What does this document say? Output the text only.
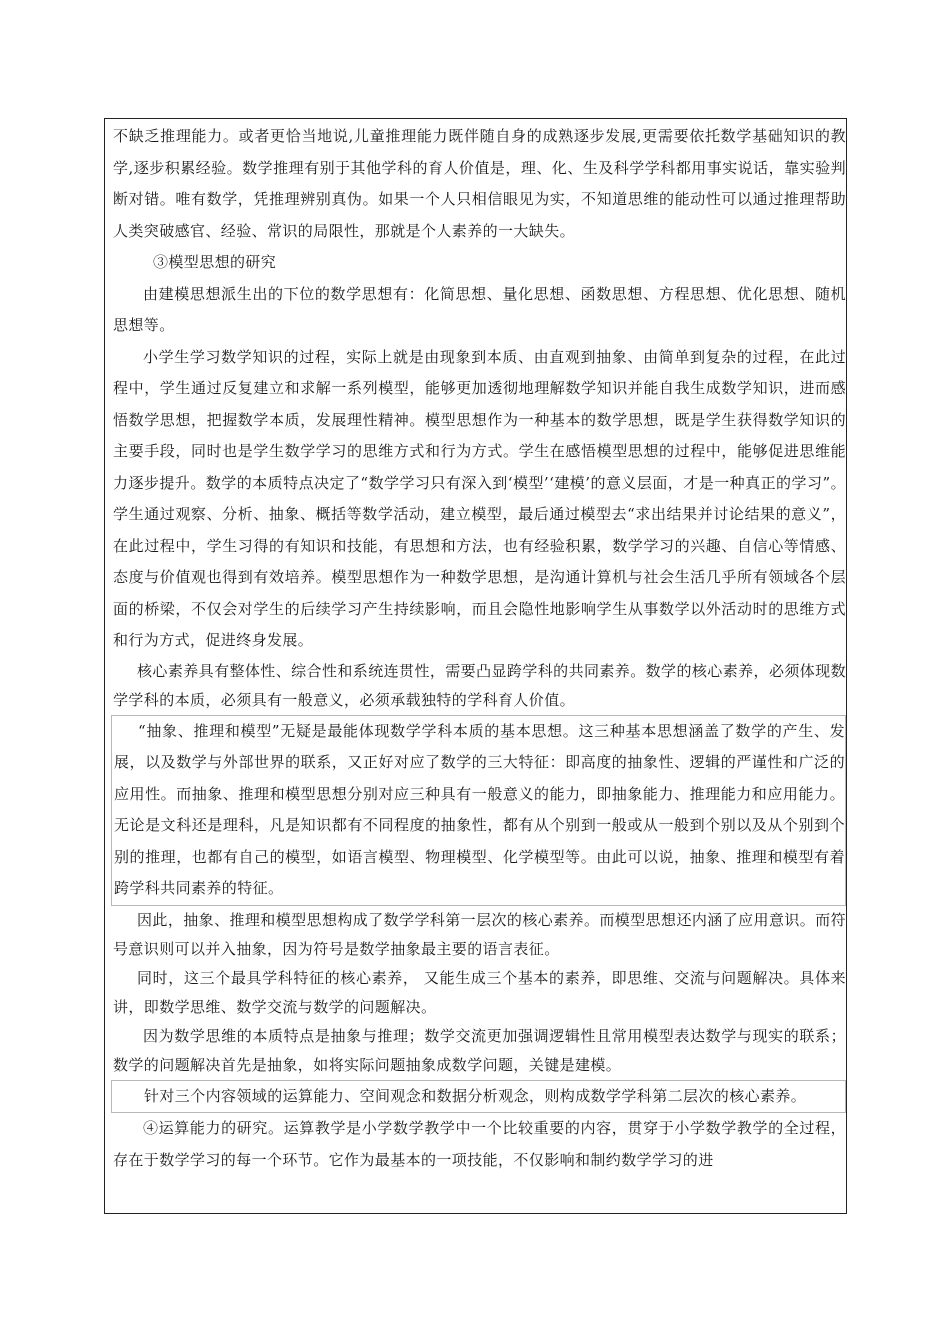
不缺乏推理能力。或者更恰当地说,儿童推理能力既伴随自身的成熟逐步发展,更需要依托数学基础知识的教学,逐步积累经验。数学推理有别于其他学科的育人价值是，理、化、生及科学学科都用事实说话，靠实验判断对错。唯有数学，凭推理辨别真伪。如果一个人只相信眼见为实，不知道思维的能动性可以通过推理帮助人类突破感官、经验、常识的局限性，那就是个人素养的一大缺失。

③模型思想的研究

由建模思想派生出的下位的数学思想有：化简思想、量化思想、函数思想、方程思想、优化思想、随机思想等。

小学生学习数学知识的过程，实际上就是由现象到本质、由直观到抽象、由简单到复杂的过程，在此过程中，学生通过反复建立和求解一系列模型，能够更加透彻地理解数学知识并能自我生成数学知识，进而感悟数学思想，把握数学本质，发展理性精神。模型思想作为一种基本的数学思想，既是学生获得数学知识的主要手段，同时也是学生数学学习的思维方式和行为方式。学生在感悟模型思想的过程中，能够促进思维能力逐步提升。数学的本质特点决定了“数学学习只有深入到‘模型’‘建模’的意义层面，才是一种真正的学习”。学生通过观察、分析、抽象、概括等数学活动，建立模型，最后通过模型去“求出结果并讨论结果的意义”，在此过程中，学生习得的有知识和技能，有思想和方法，也有经验积累，数学学习的兴趣、自信心等情感、态度与价值观也得到有效培养。模型思想作为一种数学思想，是沟通计算机与社会生活几乎所有领域各个层面的桥梁，不仅会对学生的后续学习产生持续影响，而且会隐性地影响学生从事数学以外活动时的思维方式和行为方式，促进终身发展。

核心素养具有整体性、综合性和系统连贯性，需要凸显跨学科的共同素养。数学的核心素养，必须体现数学学科的本质，必须具有一般意义，必须承载独特的学科育人价值。

“抽象、推理和模型”无疑是最能体现数学学科本质的基本思想。这三种基本思想涵盖了数学的产生、发展，以及数学与外部世界的联系，又正好对应了数学的三大特征：即高度的抽象性、逻辑的严谨性和广泛的应用性。而抽象、推理和模型思想分别对应三种具有一般意义的能力，即抽象能力、推理能力和应用能力。无论是文科还是理科，凡是知识都有不同程度的抽象性，都有从个别到一般或从一般到个别以及从个别到个别的推理，也都有自己的模型，如语言模型、物理模型、化学模型等。由此可以说，抽象、推理和模型有着跨学科共同素养的特征。

因此，抽象、推理和模型思想构成了数学学科第一层次的核心素养。而模型思想还内涵了应用意识。而符号意识则可以并入抽象，因为符号是数学抽象最主要的语言表征。

同时，这三个最具学科特征的核心素养， 又能生成三个基本的素养，即思维、交流与问题解决。具体来讲，即数学思维、数学交流与数学的问题解决。

因为数学思维的本质特点是抽象与推理；数学交流更加强调逻辑性且常用模型表达数学与现实的联系；数学的问题解决首先是抽象，如将实际问题抽象成数学问题，关键是建模。

针对三个内容领域的运算能力、空间观念和数据分析观念，则构成数学学科第二层次的核心素养。

④运算能力的研究。运算教学是小学数学教学中一个比较重要的内容，贯穿于小学数学教学的全过程，存在于数学学习的每一个环节。它作为最基本的一项技能，不仅影响和制约数学学习的进
